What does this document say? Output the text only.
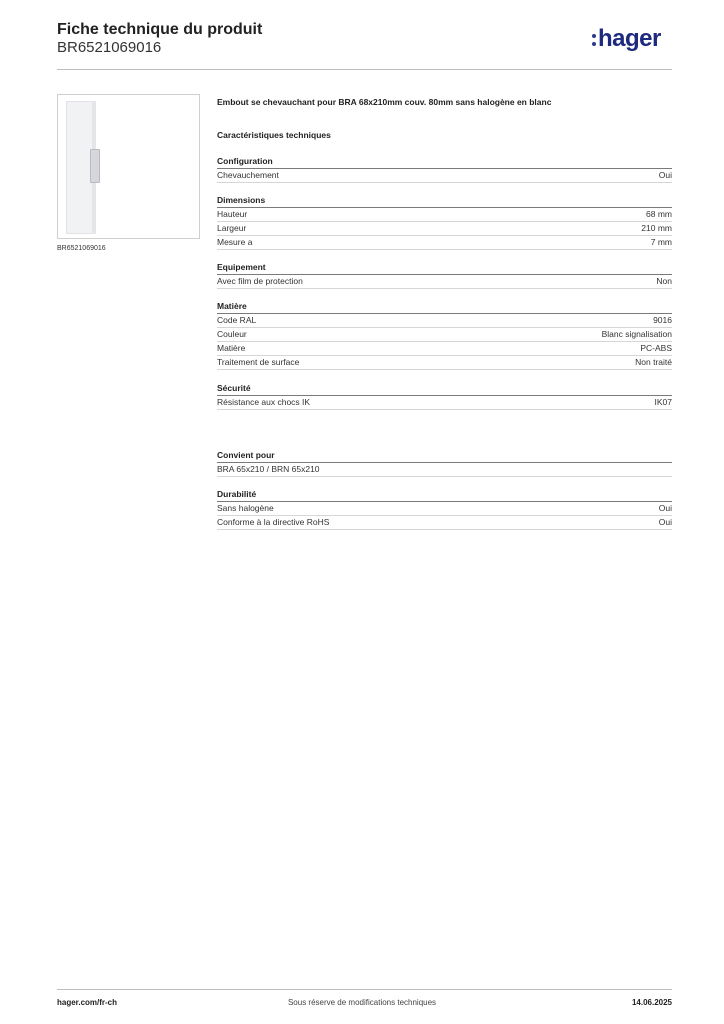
Fiche technique du produit
BR6521069016	hager
BR6521069016
Embout se chevauchant pour BRA 68x210mm couv. 80mm sans halogène en blanc
Caractéristiques techniques
Configuration
Chevauchement	Oui
Dimensions
Hauteur	68 mm
Largeur	210 mm
Mesure a	7 mm
Equipement
Avec film de protection	Non
Matière
Code RAL	9016
Couleur	Blanc signalisation
Matière	PC-ABS
Traitement de surface	Non traité
Sécurité
Résistance aux chocs IK	IK07
Convient pour
BRA 65x210 / BRN 65x210
Durabilité
Sans halogène	Oui
Conforme à la directive RoHS	Oui
hager.com/fr-ch	Sous réserve de modifications techniques	14.06.2025
